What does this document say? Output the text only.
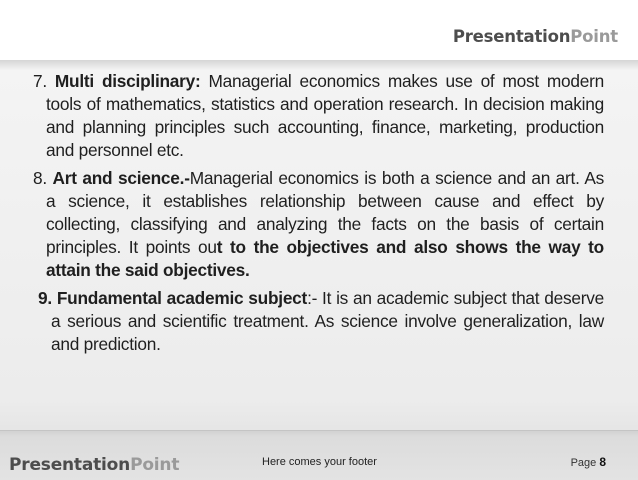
PresentationPoint

7. Multi disciplinary: Managerial economics makes use of most modern tools of mathematics, statistics and operation research. In decision making and planning principles such accounting, finance, marketing, production and personnel etc.

8. Art and science.-Managerial economics is both a science and an art. As a science, it establishes relationship between cause and effect by collecting, classifying and analyzing the facts on the basis of certain principles. It points out to the objectives and also shows the way to attain the said objectives.

9. Fundamental academic subject:- It is an academic subject that deserve a serious and scientific treatment. As science involve generalization, law and prediction.

PresentationPoint	Here comes your footer	Page 8
